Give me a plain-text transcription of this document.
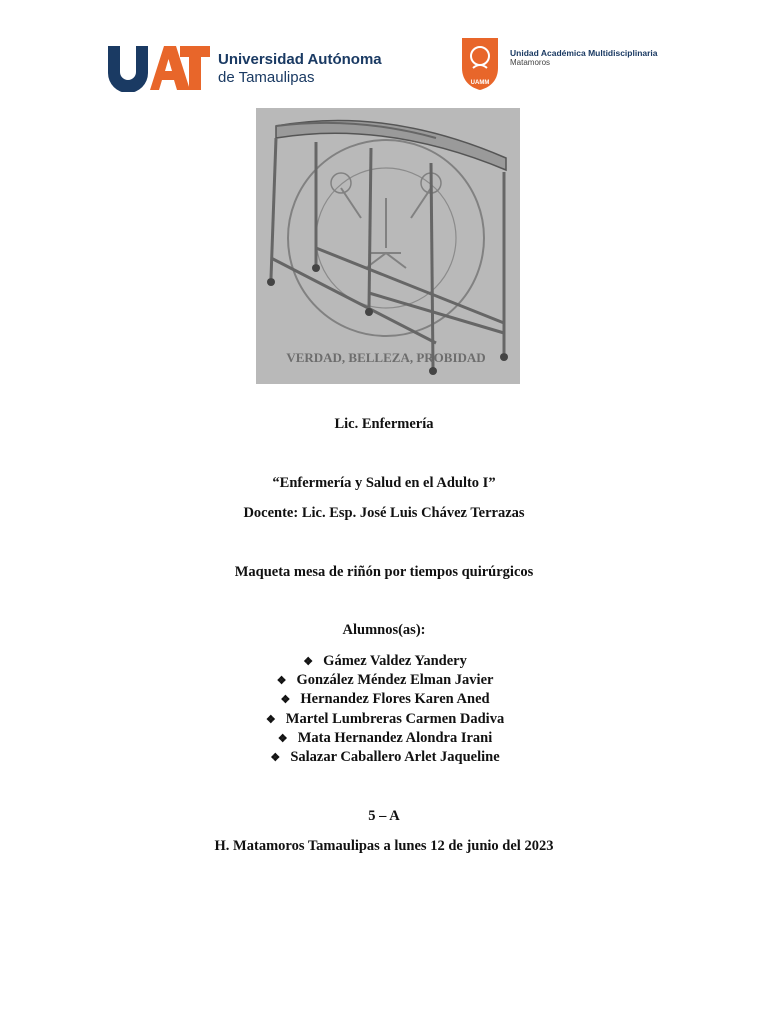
Universidad Autónoma
de Tamaulipas	UAMM
Unidad Académica Multidisciplinaria
Matamoros
VERDAD, BELLEZA, PROBIDAD
Lic. Enfermería
“Enfermería y Salud en el Adulto I”
Docente: Lic. Esp. José Luis Chávez Terrazas
Maqueta mesa de riñón por tiempos quirúrgicos
Alumnos(as):
❖ Gámez Valdez Yandery
❖ González Méndez Elman Javier
❖ Hernandez Flores Karen Aned
❖ Martel Lumbreras Carmen Dadiva
❖ Mata Hernandez Alondra Irani
❖ Salazar Caballero Arlet Jaqueline
5 – A
H. Matamoros Tamaulipas a lunes 12 de junio del 2023
